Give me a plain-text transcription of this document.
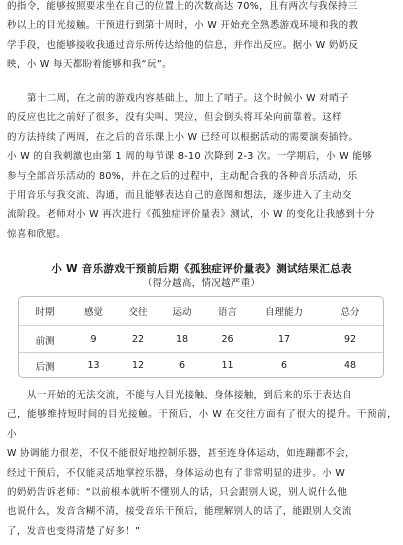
的指令，能够按照要求坐在自己的位置上的次数高达 70%，且有两次与我保持三
秒以上的目光接触。干预进行到第十周时，小 W 开始充全熟悉游戏环境和我的教
学手段，也能够接收我通过音乐所传达给他的信息，并作出反应。据小 W 奶奶反
映，小 W 每天都盼着能够和我“玩”。
第十二周，在之前的游戏内容基础上，加上了哨子。这个时候小 W 对哨子
的反应也比之前好了很多，没有尖叫、哭泣，但会倒头将耳朵向前靠着。这样
的方法持续了两周，在之后的音乐课上小 W 已经可以根据活动的需要演奏插铃。
小 W 的自我刺激也由第 1 周的每节课 8-10 次降到 2-3 次。一学期后，小 W 能够
参与全部音乐活动的 80%，并在之后的过程中，主动配合我的各种音乐活动，乐
于用音乐与我交流、沟通，而且能够表达自己的意图和想法，逐步进入了主动交
流阶段。老师对小 W 再次进行《孤独症评价量表》测试，小 W 的变化让我感到十分
惊喜和欣慰。

小 W 音乐游戏干预前后期《孤独症评价量表》测试结果汇总表

（得分越高，情况越严重）

时期	感觉	交往	运动	语言	自理能力	总分
前测	9	22	18	26	17	92
后测	13	12	6	11	6	48
从一开始的无法交流，不能与人目光接触、身体接触，到后来的乐于表达自
己，能够维持短时间的目光接触。干预后，小 W 在交往方面有了很大的提升。干预前，小
W 协调能力很差，不仅不能很好地控制乐器，甚至连身体运动，如连蹦都不会，
经过干预后，不仅能灵活地掌控乐器，身体运动也有了非常明显的进步。小 W
的奶奶告诉老师：“以前根本就听不懂别人的话，只会跟别人说，别人说什么他
也说什么，发音含糊不清，接受音乐干预后，能理解别人的话了，能跟别人交流
了，发音也变得清楚了好多！”
